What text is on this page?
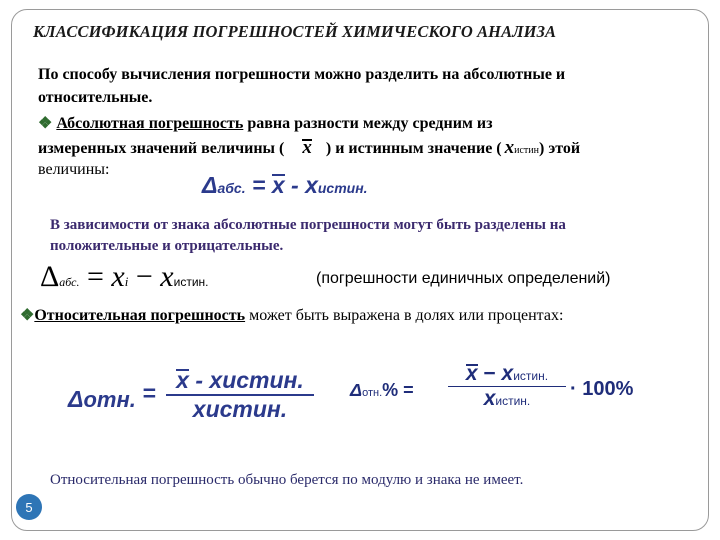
КЛАССИФИКАЦИЯ ПОГРЕШНОСТЕЙ ХИМИЧЕСКОГО АНАЛИЗА
По способу вычисления погрешности можно разделить на абсолютные и
относительные.
❖ Абсолютная погрешность равна разности между средним из
измеренных значений величины ( x ) и истинным значение ( xистин) этой
величины:
Δабс. = x - xистин.
В зависимости от знака абсолютные погрешности могут быть разделены на
положительные и отрицательные.
Δабс. = xi − xистин.	(погрешности единичных определений)
❖Относительная погрешность может быть выражена в долях или процентах:
Δотн. = x - xистин.
xистин.
Δотн.% =
x − xистин.
xистин.
· 100%
Относительная погрешность обычно берется по модулю и знака не имеет.
5
